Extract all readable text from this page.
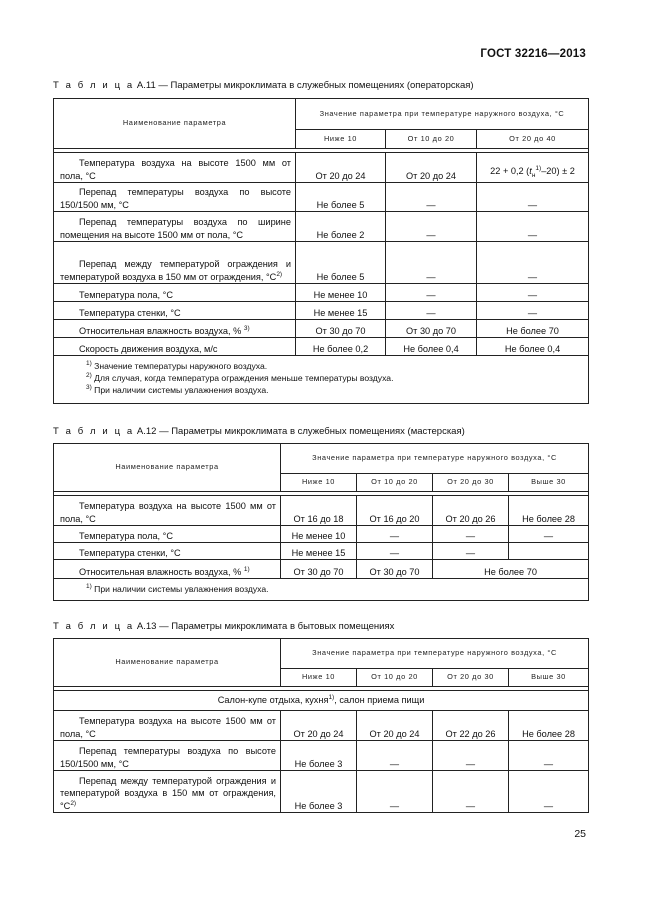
ГОСТ 32216—2013
Т а б л и ц а А.11 — Параметры микроклимата в служебных помещениях (операторская)
Наименование параметра	Значение параметра при температуре наружного воздуха, °C		
	Ниже 10	От 10 до 20	От 20 до 40

Температура воздуха на высоте 1500 мм от пола, °C	От 20 до 24	От 20 до 24	22 + 0,2 $(t_н^{1)}-20) \pm 2$
Перепад температуры воздуха по высоте 150/1500 мм, °C	Не более 5	—	—
Перепад температуры воздуха по ширине помещения на высоте 1500 мм от пола, °C	Не более 2	—	—
Перепад между температурой ограждения и температурой воздуха в 150 мм от ограждения, $^\circ C^{2)}$	Не более 5	—	—
Температура пола, °C	Не менее 10	—	—
Температура стенки, °C	Не менее 15	—	—
Относительная влажность воздуха, % $^{3)}$	От 30 до 70	От 30 до 70	Не более 70
Скорость движения воздуха, м/с	Не более 0,2	Не более 0,4	Не более 0,4

$^{1)}$ Значение температуры наружного воздуха.
$^{2)}$ Для случая, когда температура ограждения меньше температуры воздуха.
$^{3)}$ При наличии системы увлажнения воздуха.			
Т а б л и ц а А.12 — Параметры микроклимата в служебных помещениях (мастерская)
Наименование параметра	Значение параметра при температуре наружного воздуха, °C			
	Ниже 10	От 10 до 20	От 20 до 30	Выше 30

Температура воздуха на высоте 1500 мм от пола, °C	От 16 до 18	От 16 до 20	От 20 до 26	Не более 28
Температура пола, °C	Не менее 10	—	—	—
Температура стенки, °C	Не менее 15	—	—	
Относительная влажность воздуха, % $^{1)}$	От 30 до 70	От 30 до 70	Не более 70	

$^{1)}$ При наличии системы увлажнения воздуха.				
Т а б л и ц а А.13 — Параметры микроклимата в бытовых помещениях
Наименование параметра	Значение параметра при температуре наружного воздуха, °C			
	Ниже 10	От 10 до 20	От 20 до 30	Выше 30

Салон-купе отдыха, кухня$^{1)}$, салон приема пищи				
Температура воздуха на высоте 1500 мм от пола, °C	От 20 до 24	От 20 до 24	От 22 до 26	Не более 28
Перепад температуры воздуха по высоте 150/1500 мм, °C	Не более 3	—	—	—
Перепад между температурой ограждения и температурой воздуха в 150 мм от ограждения, $^\circ C^{2)}$	Не более 3	—	—	—
25
